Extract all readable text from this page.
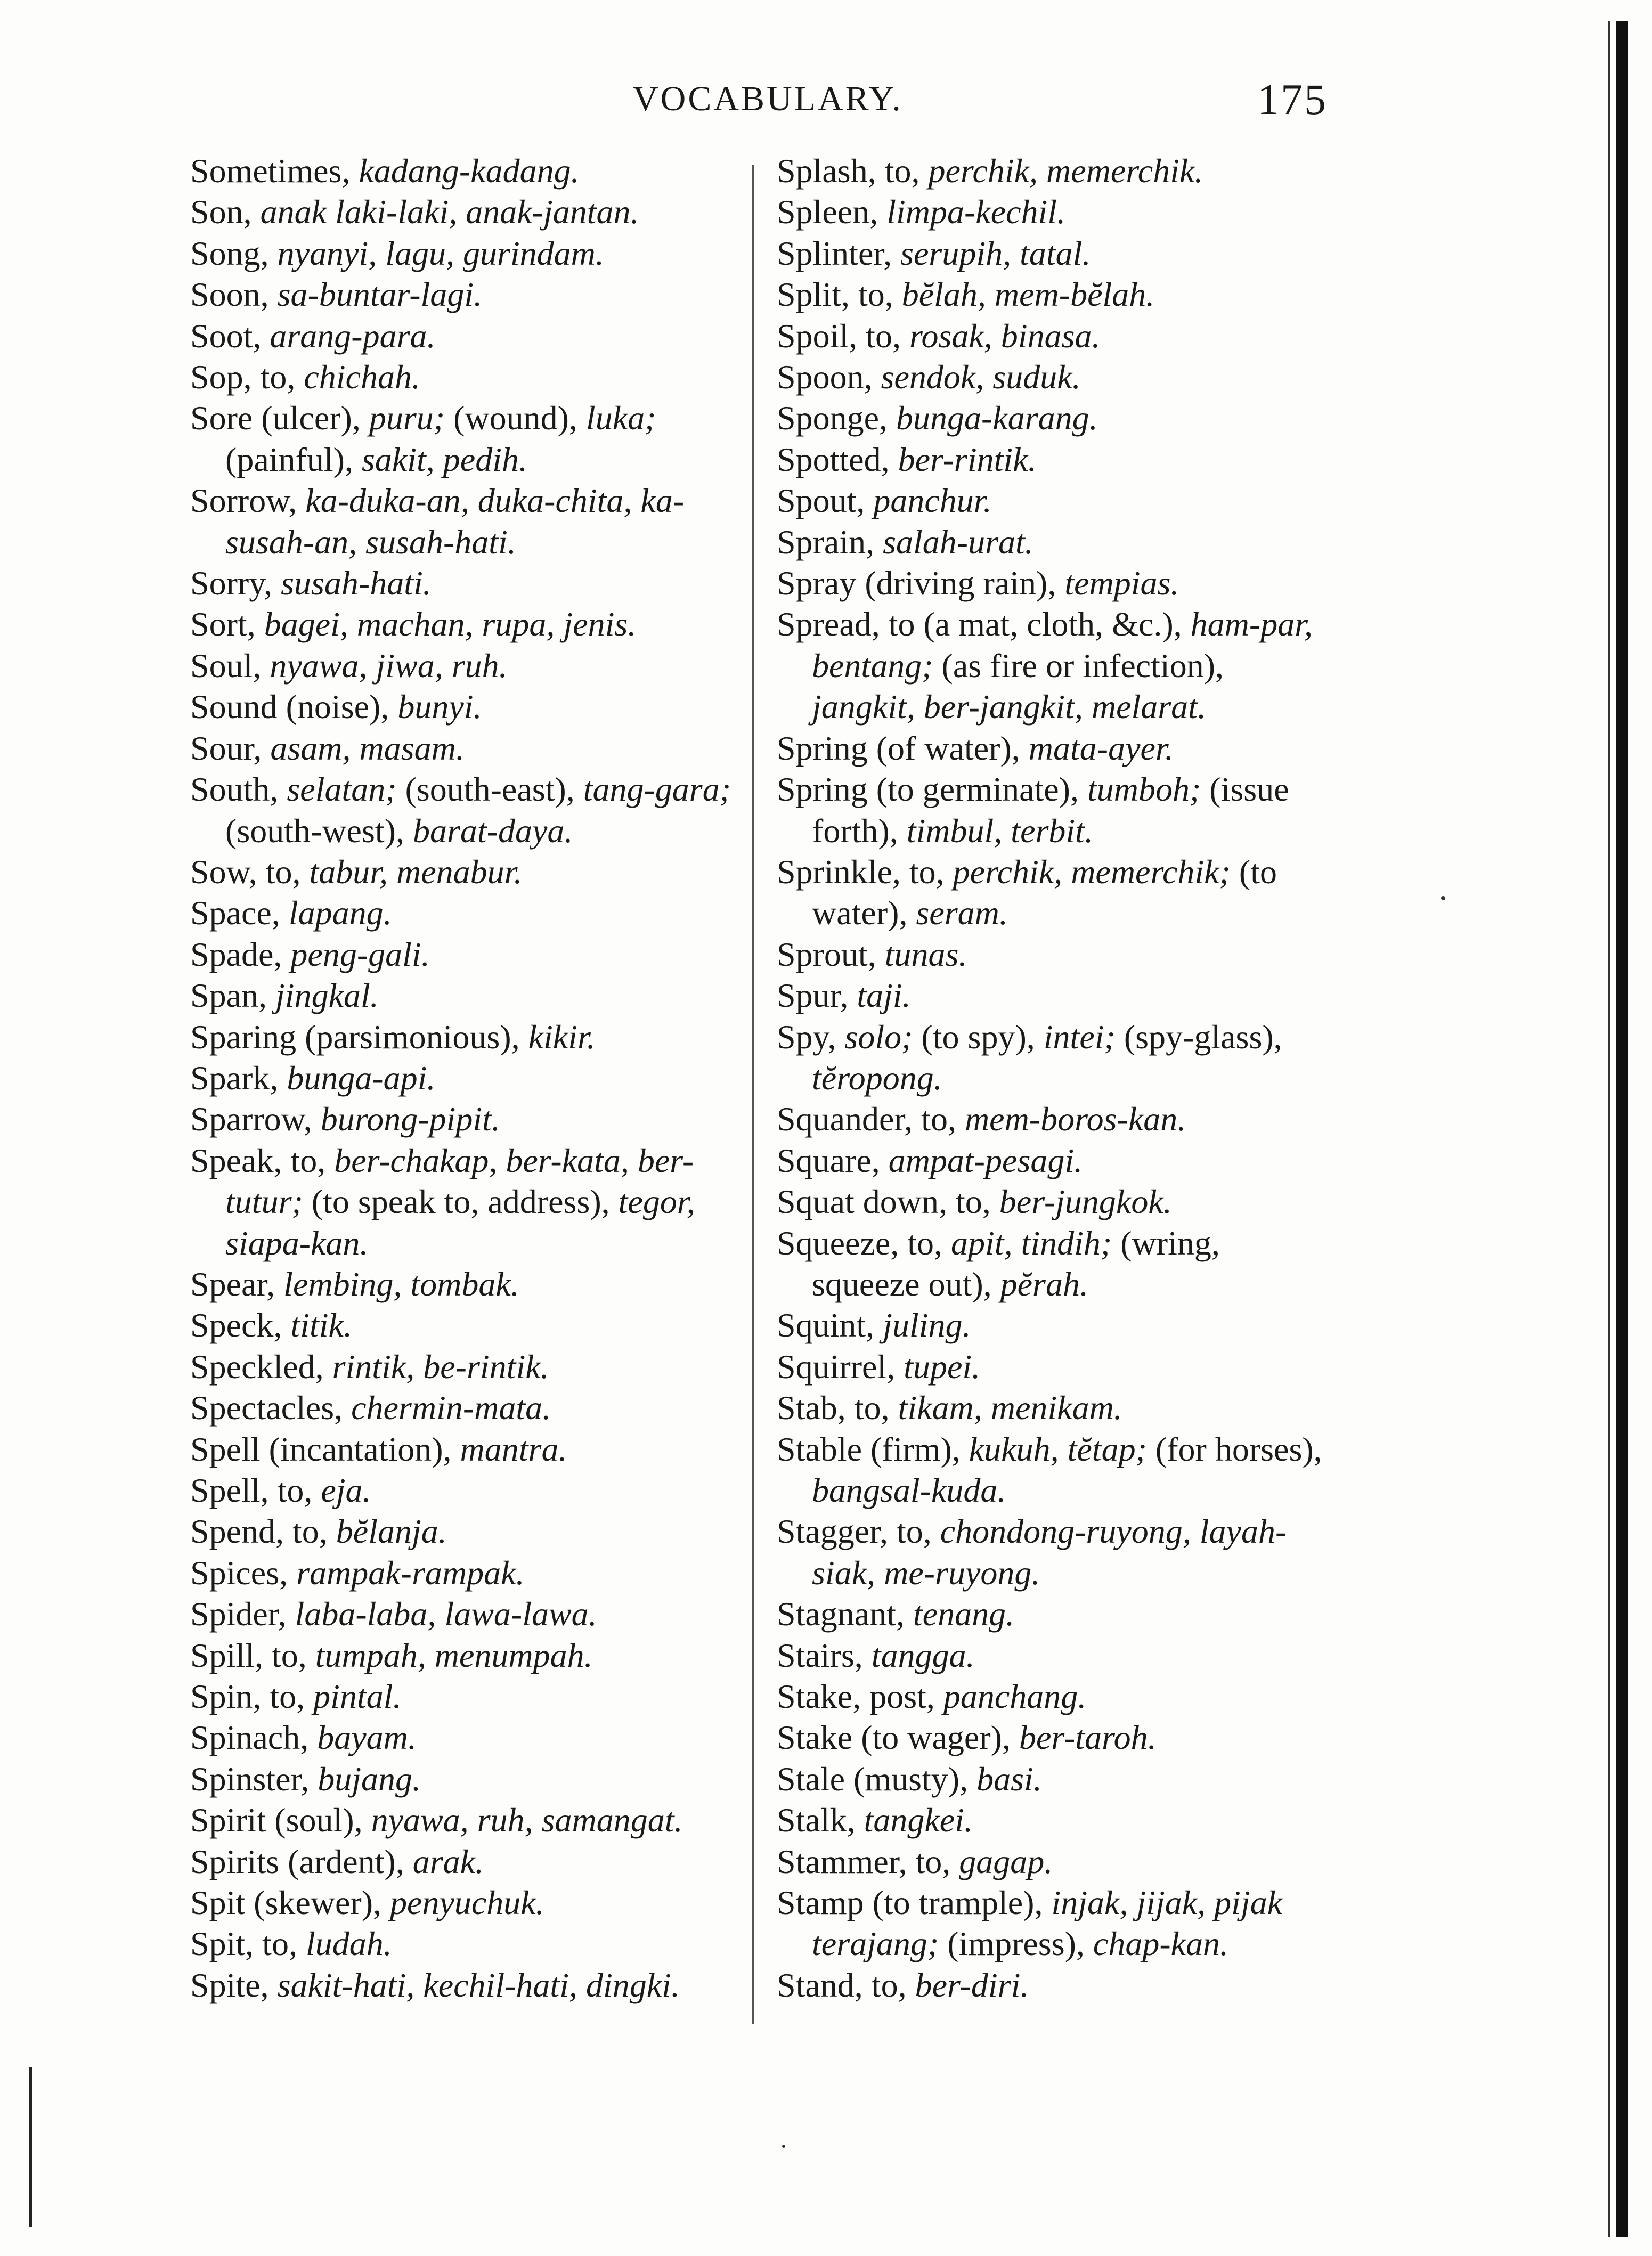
VOCABULARY.	175

Sometimes, kadang-kadang.

Son, anak laki-laki, anak-jantan.

Song, nyanyi, lagu, gurindam.

Soon, sa-buntar-lagi.

Soot, arang-para.

Sop, to, chichah.

Sore (ulcer), puru; (wound), luka; (painful), sakit, pedih.

Sorrow, ka-duka-an, duka-chita, ka-susah-an, susah-hati.

Sorry, susah-hati.

Sort, bagei, machan, rupa, jenis.

Soul, nyawa, jiwa, ruh.

Sound (noise), bunyi.

Sour, asam, masam.

South, selatan; (south-east), tang-gara; (south-west), barat-daya.

Sow, to, tabur, menabur.

Space, lapang.

Spade, peng-gali.

Span, jingkal.

Sparing (parsimonious), kikir.

Spark, bunga-api.

Sparrow, burong-pipit.

Speak, to, ber-chakap, ber-kata, ber-tutur; (to speak to, address), tegor, siapa-kan.

Spear, lembing, tombak.

Speck, titik.

Speckled, rintik, be-rintik.

Spectacles, chermin-mata.

Spell (incantation), mantra.

Spell, to, eja.

Spend, to, bĕlanja.

Spices, rampak-rampak.

Spider, laba-laba, lawa-lawa.

Spill, to, tumpah, menumpah.

Spin, to, pintal.

Spinach, bayam.

Spinster, bujang.

Spirit (soul), nyawa, ruh, samangat.

Spirits (ardent), arak.

Spit (skewer), penyuchuk.

Spit, to, ludah.

Spite, sakit-hati, kechil-hati, dingki.

Splash, to, perchik, memerchik.

Spleen, limpa-kechil.

Splinter, serupih, tatal.

Split, to, bĕlah, mem-bĕlah.

Spoil, to, rosak, binasa.

Spoon, sendok, suduk.

Sponge, bunga-karang.

Spotted, ber-rintik.

Spout, panchur.

Sprain, salah-urat.

Spray (driving rain), tempias.

Spread, to (a mat, cloth, &c.), ham-par, bentang; (as fire or infection), jangkit, ber-jangkit, melarat.

Spring (of water), mata-ayer.

Spring (to germinate), tumboh; (issue forth), timbul, terbit.

Sprinkle, to, perchik, memerchik; (to water), seram.

Sprout, tunas.

Spur, taji.

Spy, solo; (to spy), intei; (spy-glass), tĕropong.

Squander, to, mem-boros-kan.

Square, ampat-pesagi.

Squat down, to, ber-jungkok.

Squeeze, to, apit, tindih; (wring, squeeze out), pĕrah.

Squint, juling.

Squirrel, tupei.

Stab, to, tikam, menikam.

Stable (firm), kukuh, tĕtap; (for horses), bangsal-kuda.

Stagger, to, chondong-ruyong, layah-siak, me-ruyong.

Stagnant, tenang.

Stairs, tangga.

Stake, post, panchang.

Stake (to wager), ber-taroh.

Stale (musty), basi.

Stalk, tangkei.

Stammer, to, gagap.

Stamp (to trample), injak, jijak, pijak terajang; (impress), chap-kan.

Stand, to, ber-diri.
